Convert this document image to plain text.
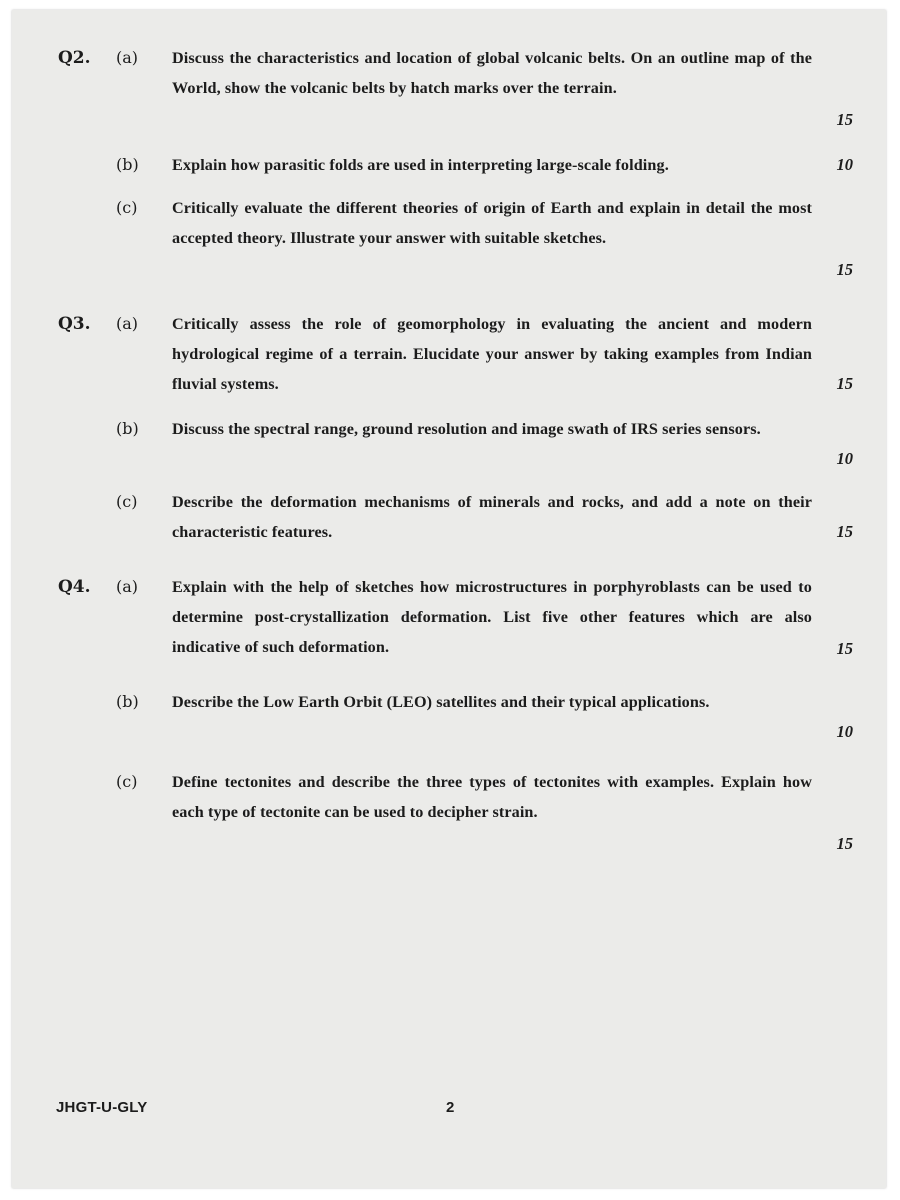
Q2. (a) Discuss the characteristics and location of global volcanic belts. On an outline map of the World, show the volcanic belts by hatch marks over the terrain.
15
(b) Explain how parasitic folds are used in interpreting large-scale folding.	10
(c) Critically evaluate the different theories of origin of Earth and explain in detail the most accepted theory. Illustrate your answer with suitable sketches.
15
Q3. (a) Critically assess the role of geomorphology in evaluating the ancient and modern hydrological regime of a terrain. Elucidate your answer by taking examples from Indian fluvial systems.	15
(b) Discuss the spectral range, ground resolution and image swath of IRS series sensors.
10
(c) Describe the deformation mechanisms of minerals and rocks, and add a note on their characteristic features.	15
Q4. (a) Explain with the help of sketches how microstructures in porphyroblasts can be used to determine post-crystallization deformation. List five other features which are also indicative of such deformation.	15
(b) Describe the Low Earth Orbit (LEO) satellites and their typical applications.
10
(c) Define tectonites and describe the three types of tectonites with examples. Explain how each type of tectonite can be used to decipher strain.
15
JHGT-U-GLY	2
